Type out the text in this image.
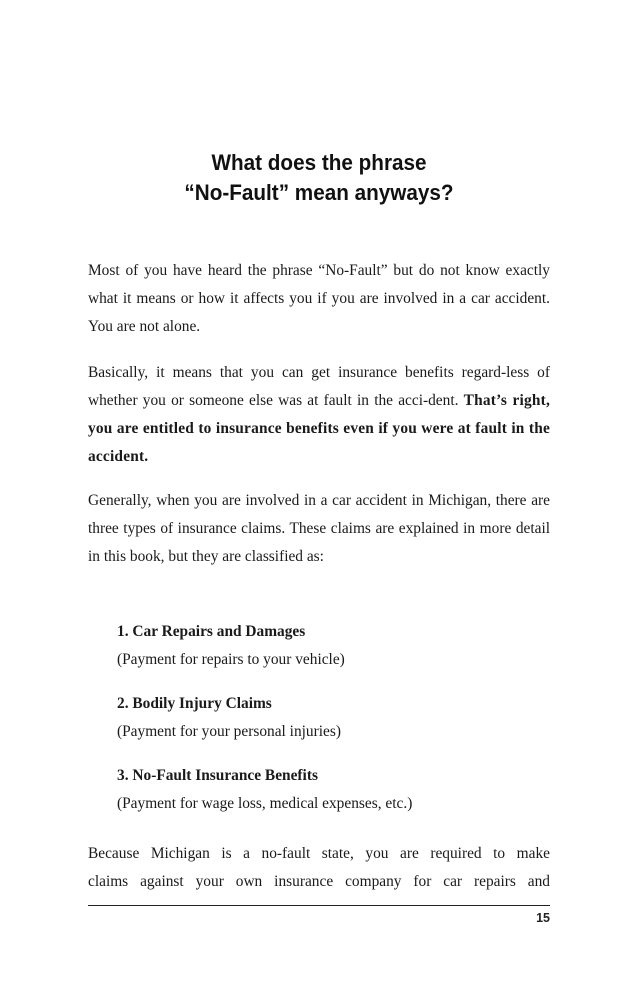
What does the phrase
“No-Fault” mean anyways?

Most of you have heard the phrase “No-Fault” but do not know exactly what it means or how it affects you if you are involved in a car accident. You are not alone.

Basically, it means that you can get insurance benefits regard-less of whether you or someone else was at fault in the acci-dent. That’s right, you are entitled to insurance benefits even if you were at fault in the accident.

Generally, when you are involved in a car accident in Michigan, there are three types of insurance claims. These claims are explained in more detail in this book, but they are classified as:

1. Car Repairs and Damages
(Payment for repairs to your vehicle)
2. Bodily Injury Claims
(Payment for your personal injuries)
3. No-Fault Insurance Benefits
(Payment for wage loss, medical expenses, etc.)

Because Michigan is a no-fault state, you are required to make
claims against your own insurance company for car repairs and

15
